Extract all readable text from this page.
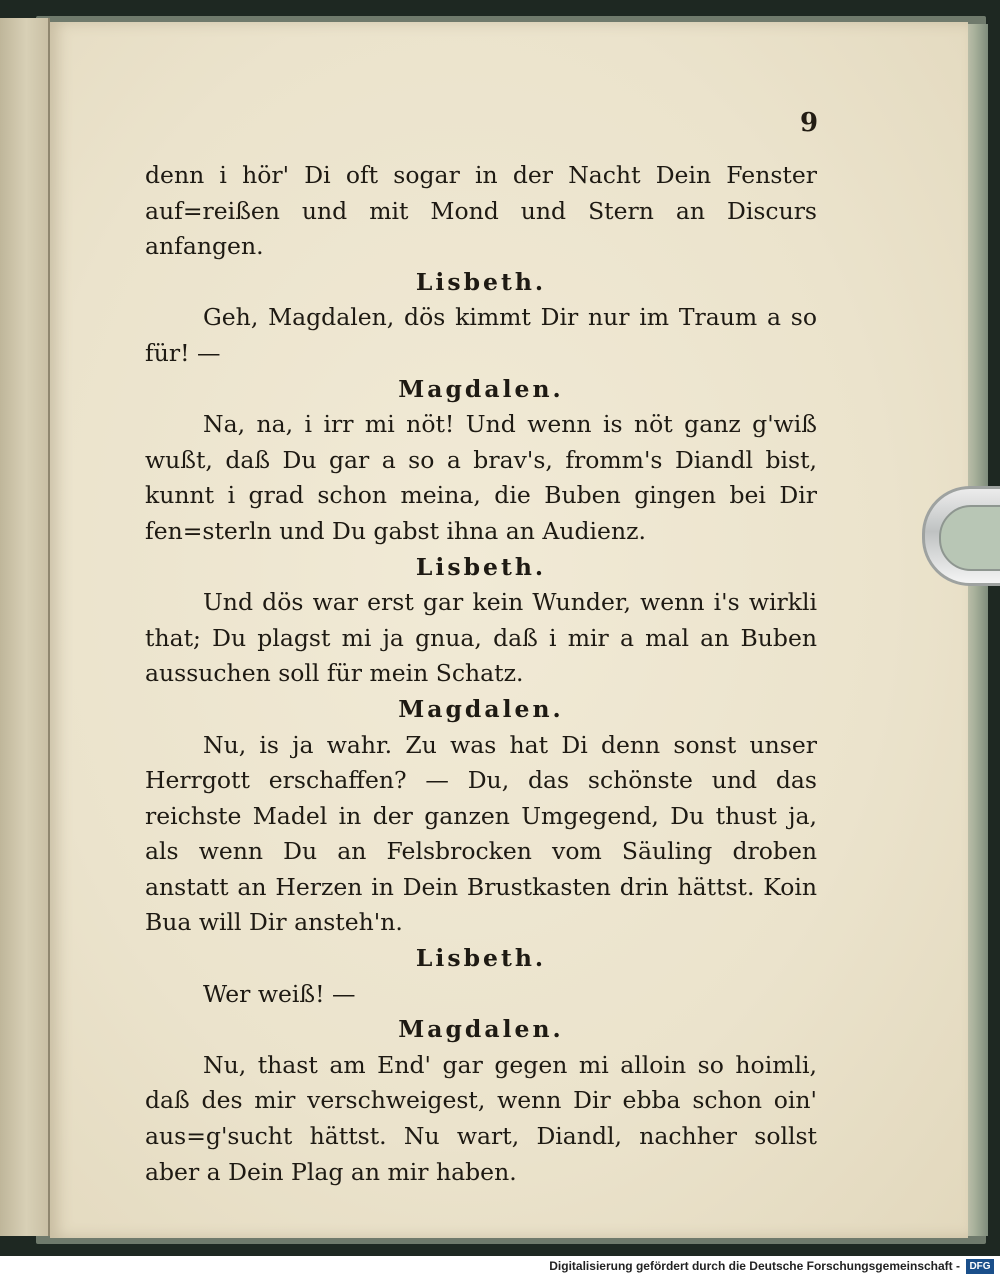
9

denn i hör' Di oft sogar in der Nacht Dein Fenster auf=reißen und mit Mond und Stern an Discurs anfangen.

Lisbeth.

Geh, Magdalen, dös kimmt Dir nur im Traum a so für! —

Magdalen.

Na, na, i irr mi nöt! Und wenn is nöt ganz g'wiß wußt, daß Du gar a so a brav's, fromm's Diandl bist, kunnt i grad schon meina, die Buben gingen bei Dir fen=sterln und Du gabst ihna an Audienz.

Lisbeth.

Und dös war erst gar kein Wunder, wenn i's wirkli that; Du plagst mi ja gnua, daß i mir a mal an Buben aussuchen soll für mein Schatz.

Magdalen.

Nu, is ja wahr. Zu was hat Di denn sonst unser Herrgott erschaffen? — Du, das schönste und das reichste Madel in der ganzen Umgegend, Du thust ja, als wenn Du an Felsbrocken vom Säuling droben anstatt an Herzen in Dein Brustkasten drin hättst. Koin Bua will Dir ansteh'n.

Lisbeth.

Wer weiß! —

Magdalen.

Nu, thast am End' gar gegen mi alloin so hoimli, daß des mir verschweigest, wenn Dir ebba schon oin' aus=g'sucht hättst. Nu wart, Diandl, nachher sollst aber a Dein Plag an mir haben.

Digitalisierung gefördert durch die Deutsche Forschungsgemeinschaft - DFG
